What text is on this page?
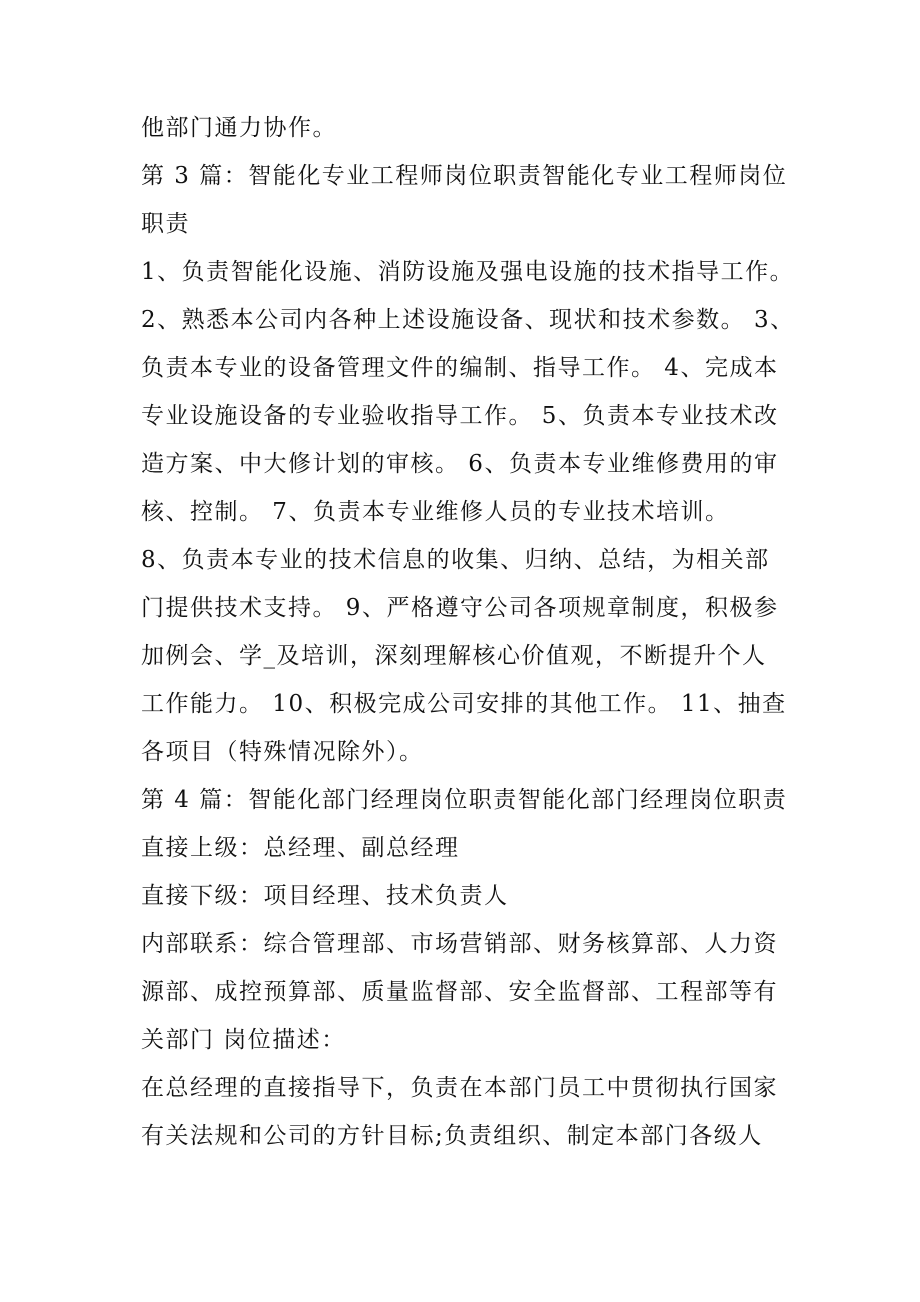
他部门通力协作。
第 3 篇：智能化专业工程师岗位职责智能化专业工程师岗位
职责
1、负责智能化设施、消防设施及强电设施的技术指导工作。
2、熟悉本公司内各种上述设施设备、现状和技术参数。 3、
负责本专业的设备管理文件的编制、指导工作。 4、完成本
专业设施设备的专业验收指导工作。 5、负责本专业技术改
造方案、中大修计划的审核。 6、负责本专业维修费用的审
核、控制。 7、负责本专业维修人员的专业技术培训。
8、负责本专业的技术信息的收集、归纳、总结，为相关部
门提供技术支持。 9、严格遵守公司各项规章制度，积极参
加例会、学_及培训，深刻理解核心价值观，不断提升个人
工作能力。 10、积极完成公司安排的其他工作。 11、抽查
各项目（特殊情况除外）。
第 4 篇：智能化部门经理岗位职责智能化部门经理岗位职责
直接上级：总经理、副总经理
直接下级：项目经理、技术负责人
内部联系：综合管理部、市场营销部、财务核算部、人力资
源部、成控预算部、质量监督部、安全监督部、工程部等有
关部门 岗位描述：
在总经理的直接指导下，负责在本部门员工中贯彻执行国家
有关法规和公司的方针目标;负责组织、制定本部门各级人
